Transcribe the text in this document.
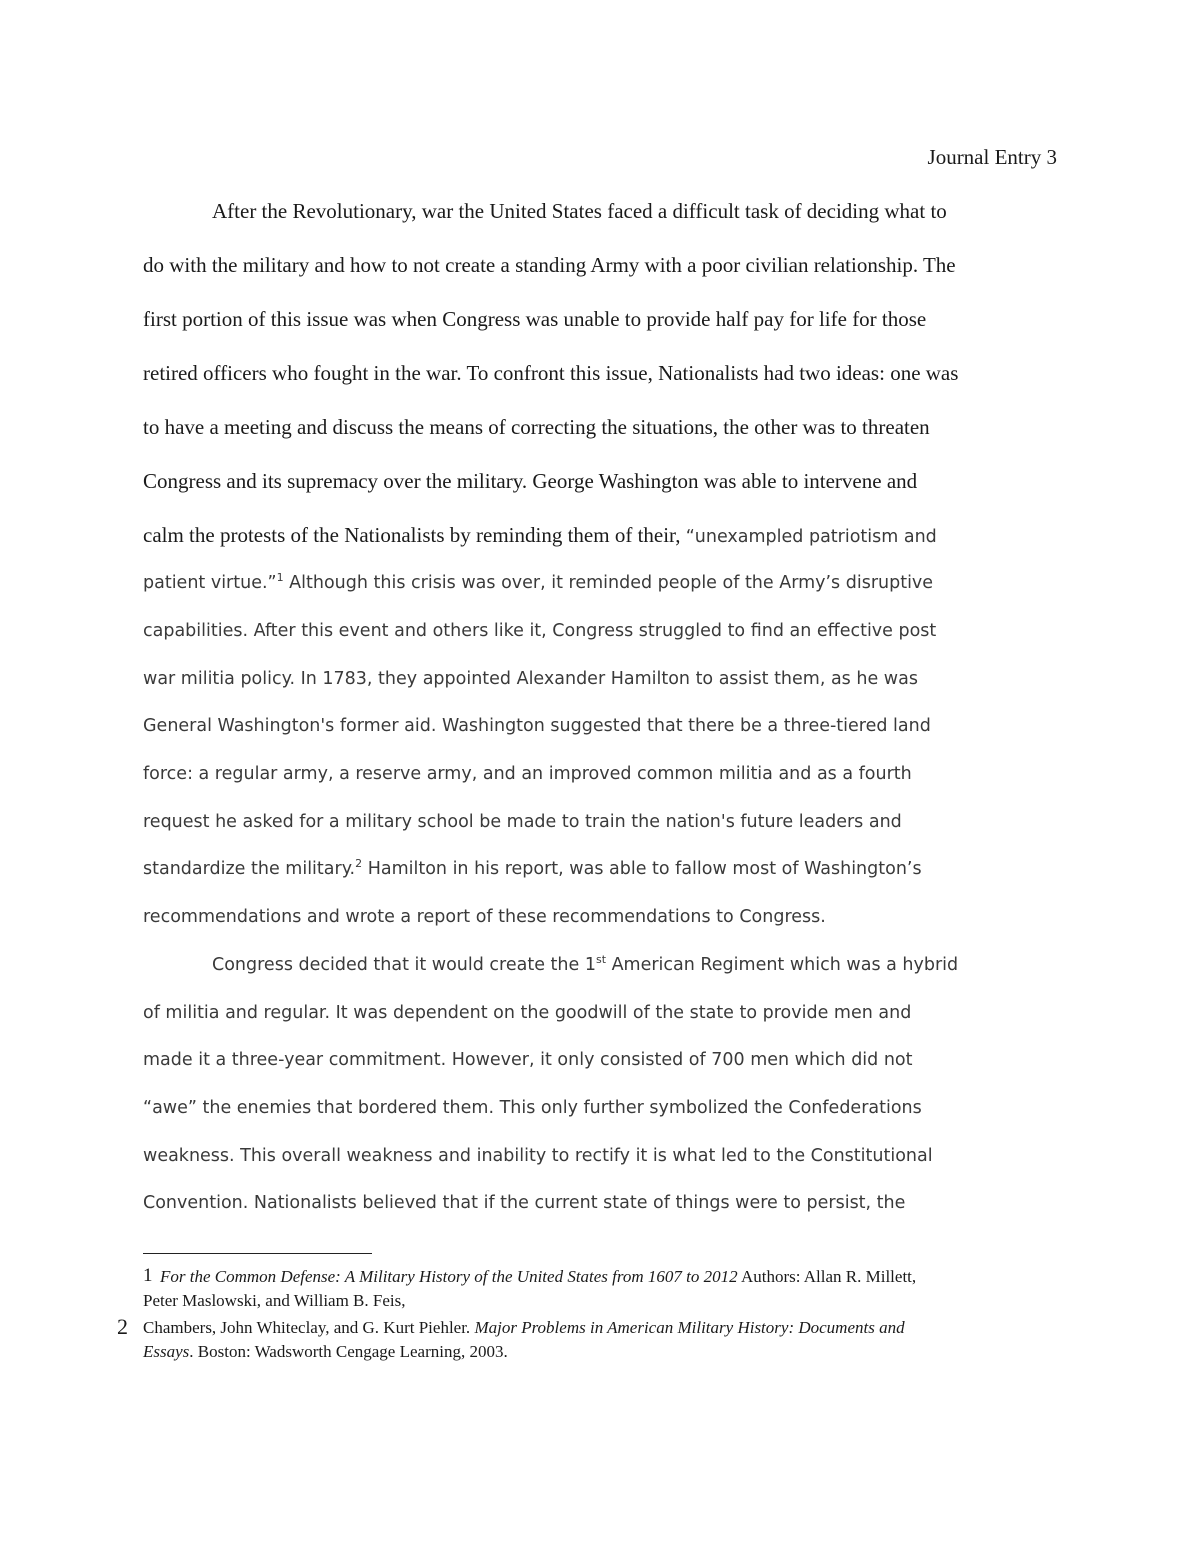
Journal Entry 3
After the Revolutionary, war the United States faced a difficult task of deciding what to
do with the military and how to not create a standing Army with a poor civilian relationship. The
first portion of this issue was when Congress was unable to provide half pay for life for those
retired officers who fought in the war. To confront this issue, Nationalists had two ideas: one was
to have a meeting and discuss the means of correcting the situations, the other was to threaten
Congress and its supremacy over the military. George Washington was able to intervene and
calm the protests of the Nationalists by reminding them of their, “unexampled patriotism and
patient virtue.”$^1$ Although this crisis was over, it reminded people of the Army’s disruptive
capabilities. After this event and others like it, Congress struggled to find an effective post
war militia policy. In 1783, they appointed Alexander Hamilton to assist them, as he was
General Washington's former aid. Washington suggested that there be a three-tiered land
force: a regular army, a reserve army, and an improved common militia and as a fourth
request he asked for a military school be made to train the nation's future leaders and
standardize the military.$^2$ Hamilton in his report, was able to fallow most of Washington’s
recommendations and wrote a report of these recommendations to Congress.
Congress decided that it would create the 1st American Regiment which was a hybrid
of militia and regular. It was dependent on the goodwill of the state to provide men and
made it a three-year commitment. However, it only consisted of 700 men which did not
“awe” the enemies that bordered them. This only further symbolized the Confederations
weakness. This overall weakness and inability to rectify it is what led to the Constitutional
Convention. Nationalists believed that if the current state of things were to persist, the
1 For the Common Defense: A Military History of the United States from 1607 to 2012 Authors: Allan R. Millett,
Peter Maslowski, and William B. Feis,
2 Chambers, John Whiteclay, and G. Kurt Piehler. Major Problems in American Military History: Documents and
Essays. Boston: Wadsworth Cengage Learning, 2003.
